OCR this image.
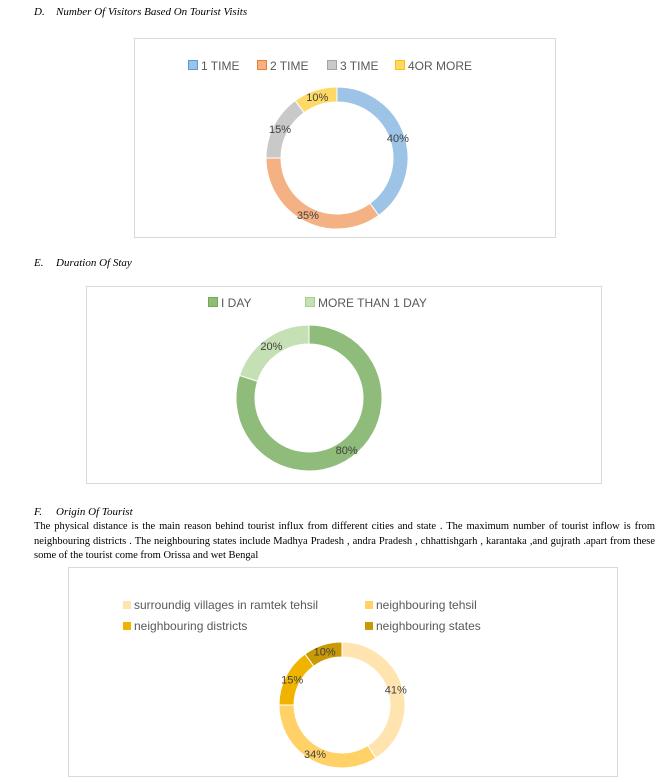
D. Number Of Visitors Based On Tourist Visits
1 TIME	2 TIME	3 TIME	4OR MORE
40%
35%
15%
10%
E. Duration Of Stay
I DAY	MORE THAN 1 DAY
80%
20%
F. Origin Of Tourist
The physical distance is the main reason behind tourist influx from different cities and state . The maximum number of tourist inflow is from neighbouring districts . The neighbouring states include Madhya Pradesh , andra Pradesh , chhattishgarh , karantaka ,and gujrath .apart from these some of the tourist come from Orissa and wet Bengal
surroundig villages in ramtek tehsil	neighbouring tehsil
neighbouring districts	neighbouring states
41%
34%
15%
10%
